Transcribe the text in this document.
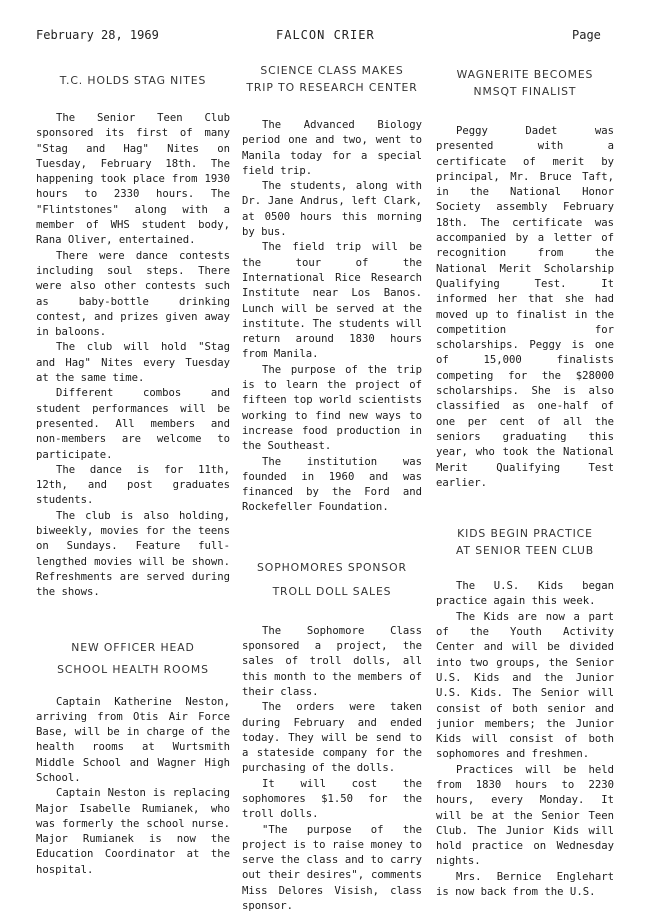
February 28, 1969	FALCON CRIER	Page
T.C. HOLDS STAG NITES

The Senior Teen Club sponsored its first of many "Stag and Hag" Nites on Tuesday, February 18th. The happening took place from 1930 hours to 2330 hours. The "Flintstones" along with a member of WHS student body, Rana Oliver, entertained.

There were dance contests including soul steps. There were also other contests such as baby-bottle drinking contest, and prizes given away in baloons.

The club will hold "Stag and Hag" Nites every Tuesday at the same time.

Different combos and student performances will be presented. All members and non-members are welcome to participate.

The dance is for 11th, 12th, and post graduates students.

The club is also holding, biweekly, movies for the teens on Sundays. Feature full-lengthed movies will be shown. Refreshments are served during the shows.

NEW OFFICER HEAD
SCHOOL HEALTH ROOMS

Captain Katherine Neston, arriving from Otis Air Force Base, will be in charge of the health rooms at Wurtsmith Middle School and Wagner High School.

Captain Neston is replacing Major Isabelle Rumianek, who was formerly the school nurse. Major Rumianek is now the Education Coordinator at the hospital.

SCIENCE CLASS MAKES
TRIP TO RESEARCH CENTER

The Advanced Biology period one and two, went to Manila today for a special field trip.

The students, along with Dr. Jane Andrus, left Clark, at 0500 hours this morning by bus.

The field trip will be the tour of the International Rice Research Institute near Los Banos. Lunch will be served at the institute. The students will return around 1830 hours from Manila.

The purpose of the trip is to learn the project of fifteen top world scientists working to find new ways to increase food production in the Southeast.

The institution was founded in 1960 and was financed by the Ford and Rockefeller Foundation.

SOPHOMORES SPONSOR
TROLL DOLL SALES

The Sophomore Class sponsored a project, the sales of troll dolls, all this month to the members of their class.

The orders were taken during February and ended today. They will be send to a stateside company for the purchasing of the dolls.

It will cost the sophomores $1.50 for the troll dolls.

"The purpose of the project is to raise money to serve the class and to carry out their desires", comments Miss Delores Visish, class sponsor.

WAGNERITE BECOMES
NMSQT FINALIST

Peggy Dadet was presented with a certificate of merit by principal, Mr. Bruce Taft, in the National Honor Society assembly February 18th. The certificate was accompanied by a letter of recognition from the National Merit Scholarship Qualifying Test. It informed her that she had moved up to finalist in the competition for scholarships. Peggy is one of 15,000 finalists competing for the $28000 scholarships. She is also classified as one-half of one per cent of all the seniors graduating this year, who took the National Merit Qualifying Test earlier.

KIDS BEGIN PRACTICE
AT SENIOR TEEN CLUB

The U.S. Kids began practice again this week.

The Kids are now a part of the Youth Activity Center and will be divided into two groups, the Senior U.S. Kids and the Junior U.S. Kids. The Senior will consist of both senior and junior members; the Junior Kids will consist of both sophomores and freshmen.

Practices will be held from 1830 hours to 2230 hours, every Monday. It will be at the Senior Teen Club. The Junior Kids will hold practice on Wednesday nights.

Mrs. Bernice Englehart is now back from the U.S.
